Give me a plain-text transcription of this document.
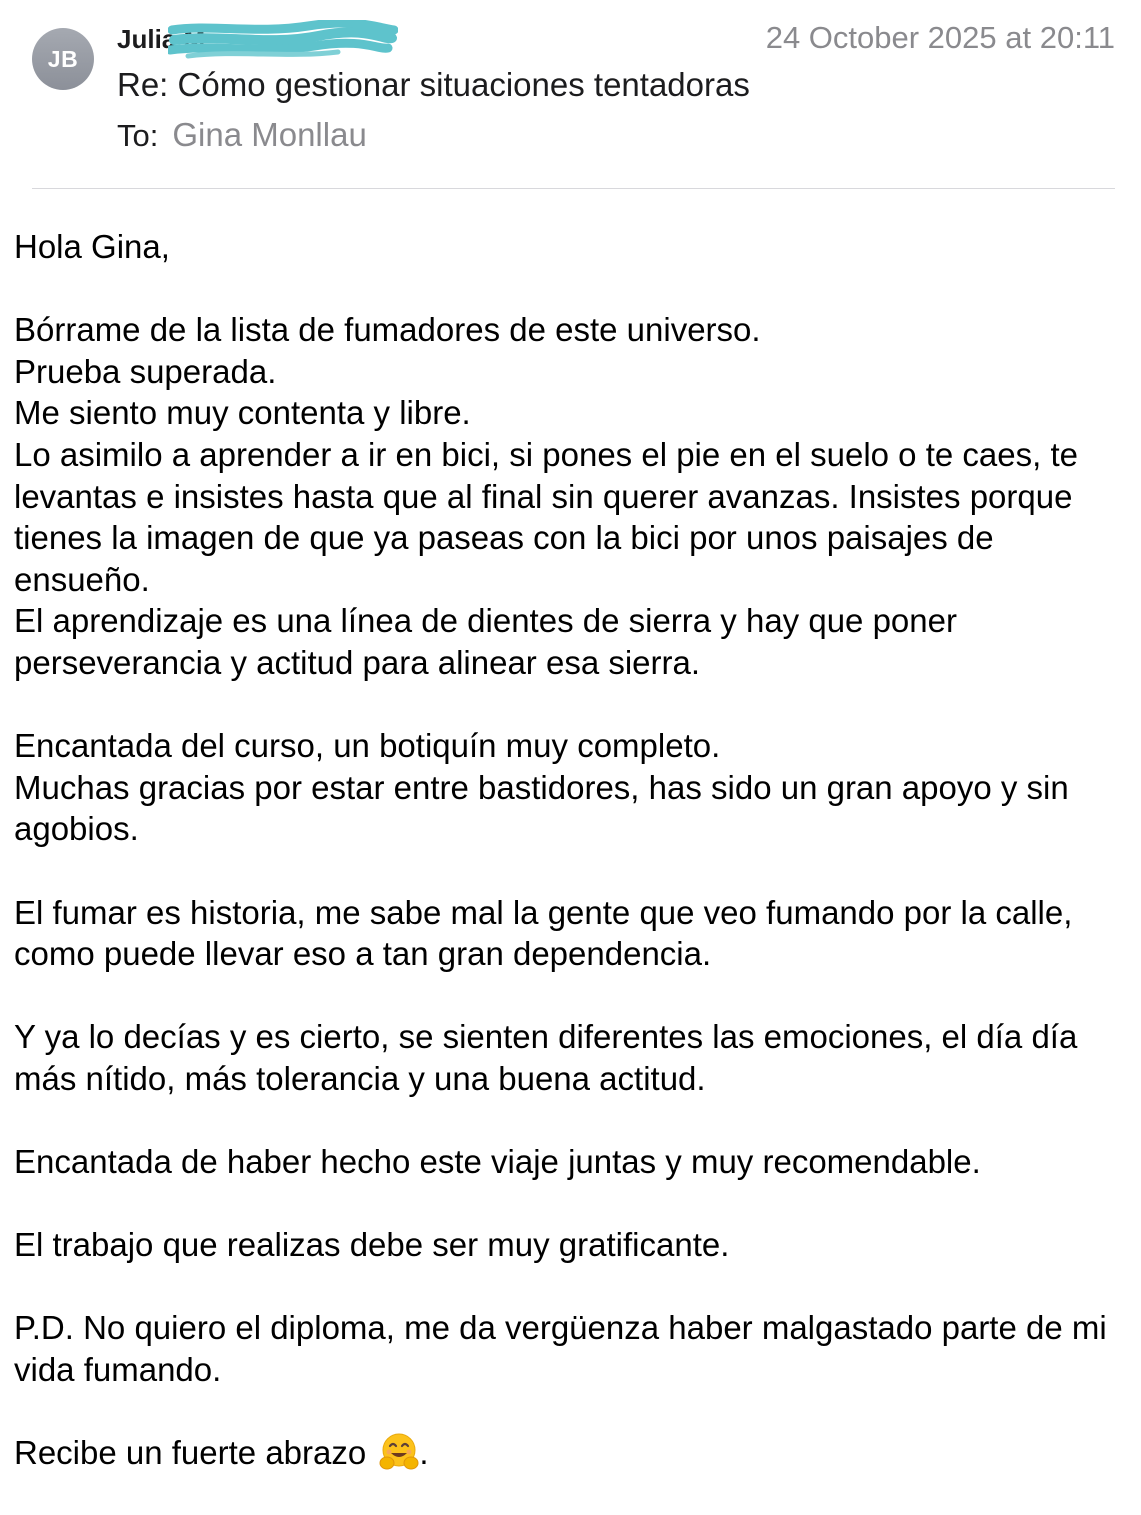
JB
Julia M	24 October 2025 at 20:11
Re: Cómo gestionar situaciones tentadoras
To: Gina Monllau

Hola Gina,

Bórrame de la lista de fumadores de este universo.
Prueba superada.
Me siento muy contenta y libre.
Lo asimilo a aprender a ir en bici, si pones el pie en el suelo o te caes, te levantas e insistes hasta que al final sin querer avanzas. Insistes porque tienes la imagen de que ya paseas con la bici por unos paisajes de ensueño.
El aprendizaje es una línea de dientes de sierra y hay que poner perseverancia y actitud para alinear esa sierra.

Encantada del curso, un botiquín muy completo.
Muchas gracias por estar entre bastidores, has sido un gran apoyo y sin agobios.

El fumar es historia, me sabe mal la gente que veo fumando por la calle, como puede llevar eso a tan gran dependencia.

Y ya lo decías y es cierto, se sienten diferentes las emociones, el día día más nítido, más tolerancia y una buena actitud.

Encantada de haber hecho este viaje juntas y muy recomendable.

El trabajo que realizas debe ser muy gratificante.

P.D. No quiero el diploma, me da vergüenza haber malgastado parte de mi vida fumando.

Recibe un fuerte abrazo .
